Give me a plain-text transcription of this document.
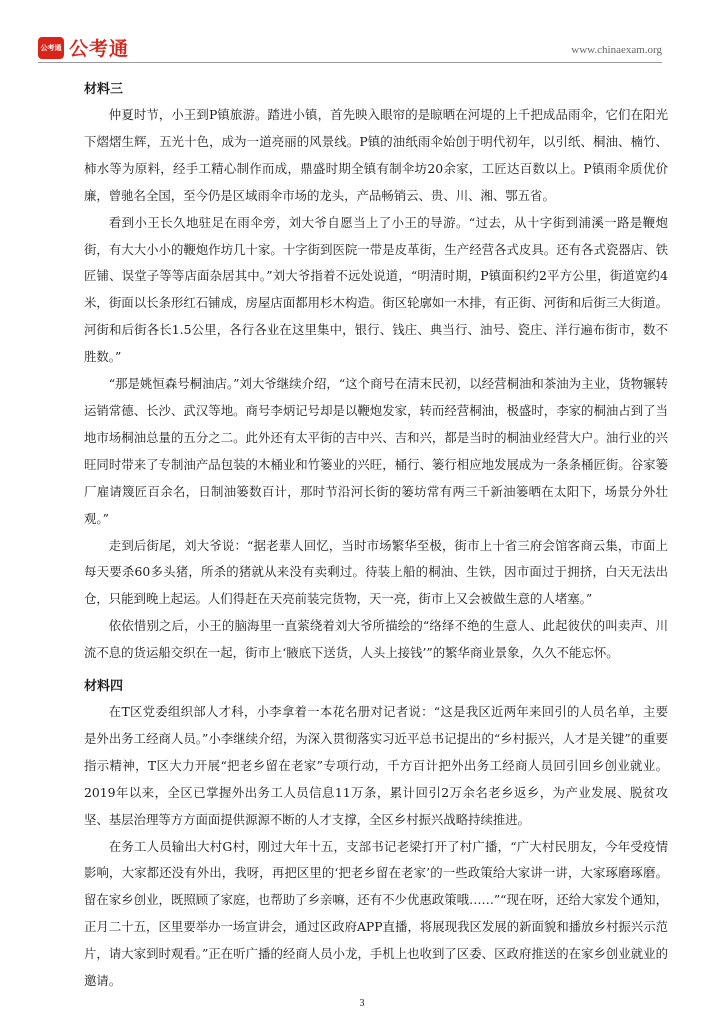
公考通 公考通	www.chinaexam.org
材料三

仲夏时节，小王到P镇旅游。踏进小镇，首先映入眼帘的是晾晒在河堤的上千把成品雨伞，它们在阳光下熠熠生辉，五光十色，成为一道亮丽的风景线。P镇的油纸雨伞始创于明代初年，以引纸、桐油、楠竹、柿水等为原料，经手工精心制作而成，鼎盛时期全镇有制伞坊20余家，工匠达百数以上。P镇雨伞质优价廉，曾驰名全国，至今仍是区域雨伞市场的龙头，产品畅销云、贵、川、湘、鄂五省。

看到小王长久地驻足在雨伞旁，刘大爷自愿当上了小王的导游。“过去，从十字街到浦溪一路是鞭炮街，有大大小小的鞭炮作坊几十家。十字街到医院一带是皮革街，生产经营各式皮具。还有各式瓷器店、铁匠铺、误堂子等等店面杂居其中。”刘大爷指着不远处说道，“明清时期，P镇面积约2平方公里，街道宽约4米，街面以长条形红石铺成，房屋店面都用杉木构造。街区轮廓如一木排，有正街、河街和后街三大街道。河街和后街各长1.5公里，各行各业在这里集中，银行、钱庄、典当行、油号、瓷庄、洋行遍布街市，数不胜数。”

“那是姚恒森号桐油店。”刘大爷继续介绍，“这个商号在清末民初，以经营桐油和茶油为主业，货物辗转运销常德、长沙、武汉等地。商号李炳记号却是以鞭炮发家，转而经营桐油，极盛时，李家的桐油占到了当地市场桐油总量的五分之二。此外还有太平街的吉中兴、吉和兴，都是当时的桐油业经营大户。油行业的兴旺同时带来了专制油产品包装的木桶业和竹篓业的兴旺，桶行、篓行相应地发展成为一条条桶匠街。谷家篓厂雇请篾匠百余名，日制油篓数百计，那时节沿河长街的篓坊常有两三千新油篓晒在太阳下，场景分外壮观。”

走到后街尾，刘大爷说：“据老辈人回忆，当时市场繁华至极，街市上十省三府会馆客商云集，市面上每天要杀60多头猪，所杀的猪就从来没有卖剩过。待装上船的桐油、生铁，因市面过于拥挤，白天无法出仓，只能到晚上起运。人们得赶在天亮前装完货物，天一亮，街市上又会被做生意的人堵塞。”

依依惜别之后，小王的脑海里一直萦绕着刘大爷所描绘的“络绎不绝的生意人、此起彼伏的叫卖声、川流不息的货运船交织在一起，街市上‘腋底下送货，人头上接钱’”的繁华商业景象，久久不能忘怀。

材料四

在T区党委组织部人才科，小李拿着一本花名册对记者说：“这是我区近两年来回引的人员名单，主要是外出务工经商人员。”小李继续介绍，为深入贯彻落实习近平总书记提出的“乡村振兴，人才是关键”的重要指示精神，T区大力开展“把老乡留在老家”专项行动，千方百计把外出务工经商人员回引回乡创业就业。2019年以来，全区已掌握外出务工人员信息11万条，累计回引2万余名老乡返乡，为产业发展、脱贫攻坚、基层治理等方方面面提供源源不断的人才支撑，全区乡村振兴战略持续推进。

在务工人员输出大村G村，刚过大年十五，支部书记老梁打开了村广播，“广大村民朋友，今年受疫情影响，大家都还没有外出，我呀，再把区里的‘把老乡留在老家’的一些政策给大家讲一讲，大家琢磨琢磨。留在家乡创业，既照顾了家庭，也帮助了乡亲嘛，还有不少优惠政策哦……”“现在呀，还给大家发个通知，正月二十五，区里要举办一场宣讲会，通过区政府APP直播，将展现我区发展的新面貌和播放乡村振兴示范片，请大家到时观看。”正在听广播的经商人员小龙，手机上也收到了区委、区政府推送的在家乡创业就业的邀请。

3
